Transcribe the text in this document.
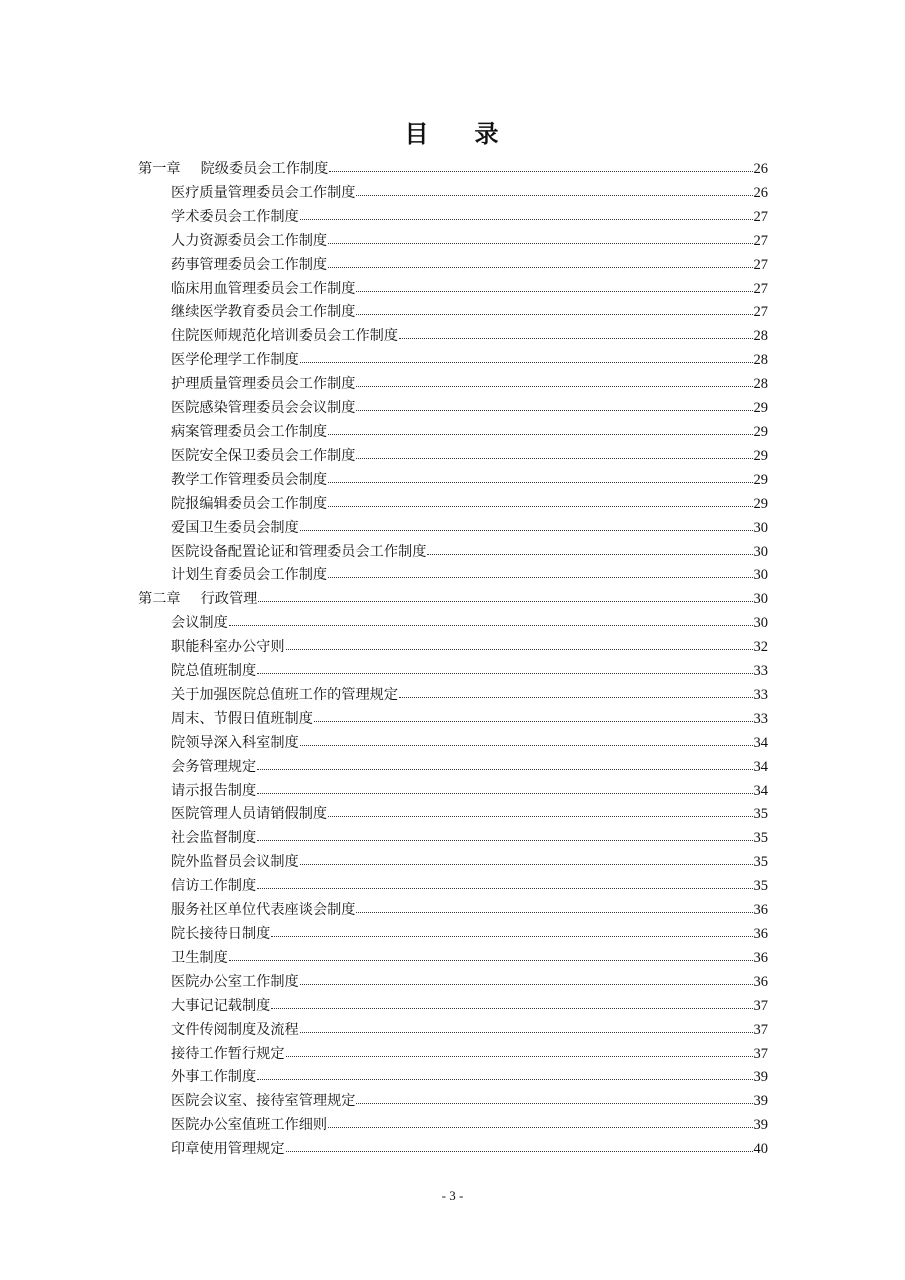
目 录
第一章 院级委员会工作制度	26
医疗质量管理委员会工作制度	26
学术委员会工作制度	27
人力资源委员会工作制度	27
药事管理委员会工作制度	27
临床用血管理委员会工作制度	27
继续医学教育委员会工作制度	27
住院医师规范化培训委员会工作制度	28
医学伦理学工作制度	28
护理质量管理委员会工作制度	28
医院感染管理委员会会议制度	29
病案管理委员会工作制度	29
医院安全保卫委员会工作制度	29
教学工作管理委员会制度	29
院报编辑委员会工作制度	29
爱国卫生委员会制度	30
医院设备配置论证和管理委员会工作制度	30
计划生育委员会工作制度	30
第二章 行政管理	30
会议制度	30
职能科室办公守则	32
院总值班制度	33
关于加强医院总值班工作的管理规定	33
周末、节假日值班制度	33
院领导深入科室制度	34
会务管理规定	34
请示报告制度	34
医院管理人员请销假制度	35
社会监督制度	35
院外监督员会议制度	35
信访工作制度	35
服务社区单位代表座谈会制度	36
院长接待日制度	36
卫生制度	36
医院办公室工作制度	36
大事记记载制度	37
文件传阅制度及流程	37
接待工作暂行规定	37
外事工作制度	39
医院会议室、接待室管理规定	39
医院办公室值班工作细则	39
印章使用管理规定	40
- 3 -
